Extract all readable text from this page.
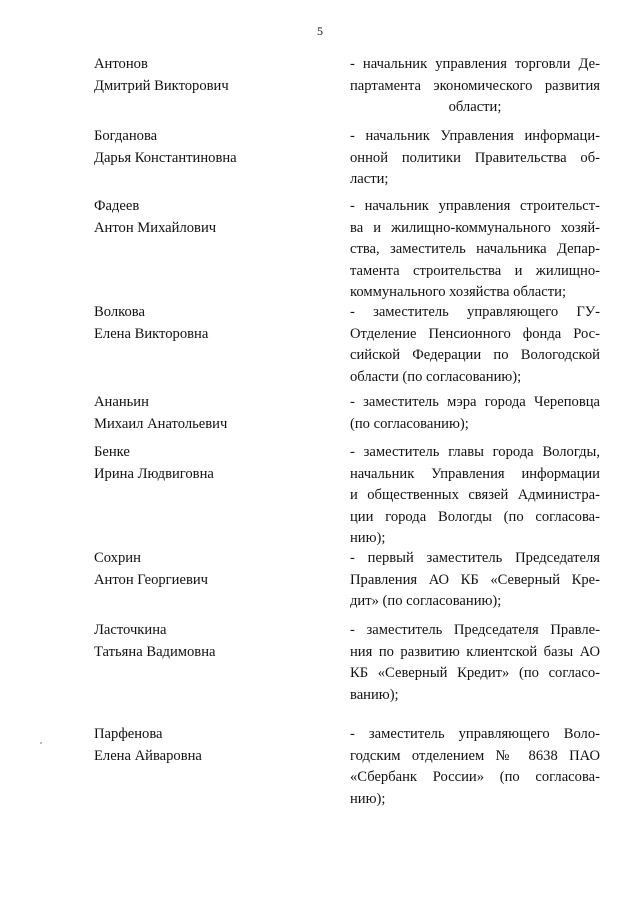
5
Антонов
Дмитрий Викторович
- начальник управления торговли Де-
партамента экономического развития
области;
Богданова
Дарья Константиновна
- начальник Управления информаци-
онной политики Правительства об-
ласти;
Фадеев
Антон Михайлович
- начальник управления строительст-
ва и жилищно-коммунального хозяй-
ства, заместитель начальника Депар-
тамента строительства и жилищно-
коммунального хозяйства области;
Волкова
Елена Викторовна
- заместитель управляющего ГУ-
Отделение Пенсионного фонда Рос-
сийской Федерации по Вологодской
области (по согласованию);
Ананьин
Михаил Анатольевич
- заместитель мэра города Череповца
(по согласованию);
Бенке
Ирина Людвиговна
- заместитель главы города Вологды,
начальник Управления информации
и общественных связей Администра-
ции города Вологды (по согласова-
нию);
Сохрин
Антон Георгиевич
- первый заместитель Председателя
Правления АО КБ «Северный Кре-
дит» (по согласованию);
Ласточкина
Татьяна Вадимовна
- заместитель Председателя Правле-
ния по развитию клиентской базы АО
КБ «Северный Кредит» (по согласо-
ванию);
Парфенова
Елена Айваровна
- заместитель управляющего Воло-
годским отделением № 8638 ПАО
«Сбербанк России» (по согласова-
нию);
